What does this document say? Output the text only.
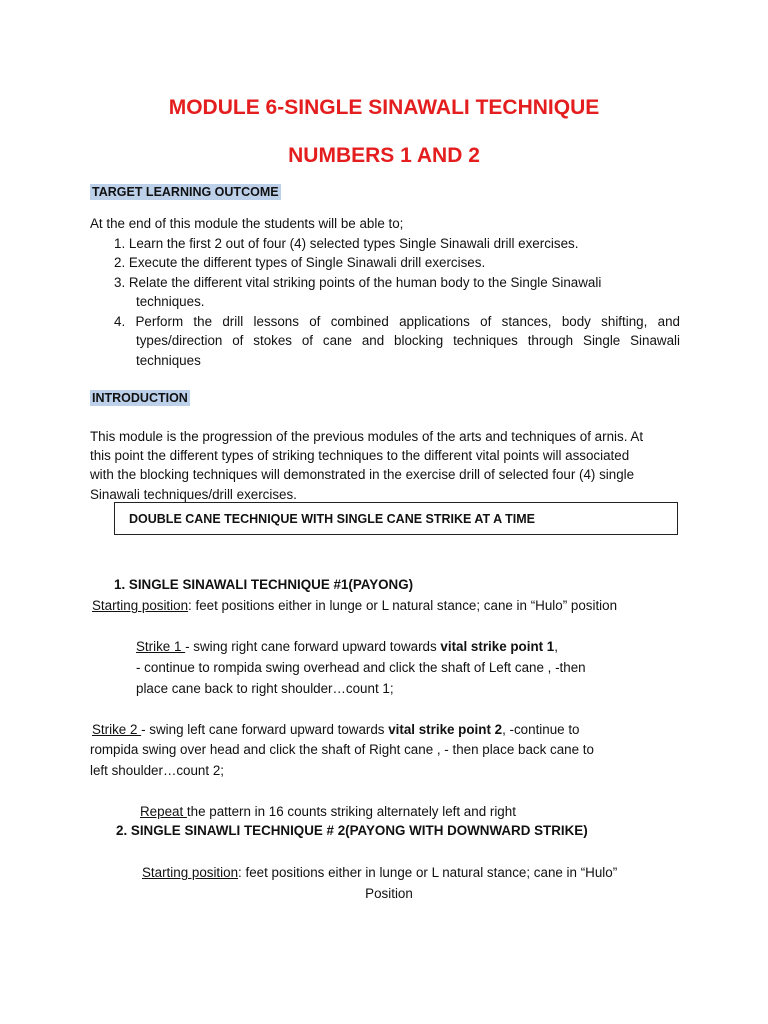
MODULE 6-SINGLE SINAWALI TECHNIQUE
NUMBERS 1 AND 2
TARGET LEARNING OUTCOME
At the end of this module the students will be able to;
1. Learn the first 2 out of four (4) selected types Single Sinawali drill exercises.
2. Execute the different types of Single Sinawali drill exercises.
3. Relate the different vital striking points of the human body to the Single Sinawali
techniques.
4. Perform the drill lessons of combined applications of stances, body shifting, and
types/direction of stokes of cane and blocking techniques through Single Sinawali
techniques
INTRODUCTION
This module is the progression of the previous modules of the arts and techniques of arnis. At
this point the different types of striking techniques to the different vital points will associated
with the blocking techniques will demonstrated in the exercise drill of selected four (4) single
Sinawali techniques/drill exercises.
DOUBLE CANE TECHNIQUE WITH SINGLE CANE STRIKE AT A TIME
1. SINGLE SINAWALI TECHNIQUE #1(PAYONG)
Starting position: feet positions either in lunge or L natural stance; cane in “Hulo” position
Strike 1 - swing right cane forward upward towards vital strike point 1,
- continue to rompida swing overhead and click the shaft of Left cane , -then
place cane back to right shoulder…count 1;
Strike 2 - swing left cane forward upward towards vital strike point 2, -continue to
rompida swing over head and click the shaft of Right cane , - then place back cane to
left shoulder…count 2;
Repeat the pattern in 16 counts striking alternately left and right
2. SINGLE SINAWLI TECHNIQUE # 2(PAYONG WITH DOWNWARD STRIKE)
Starting position: feet positions either in lunge or L natural stance; cane in “Hulo”
Position
